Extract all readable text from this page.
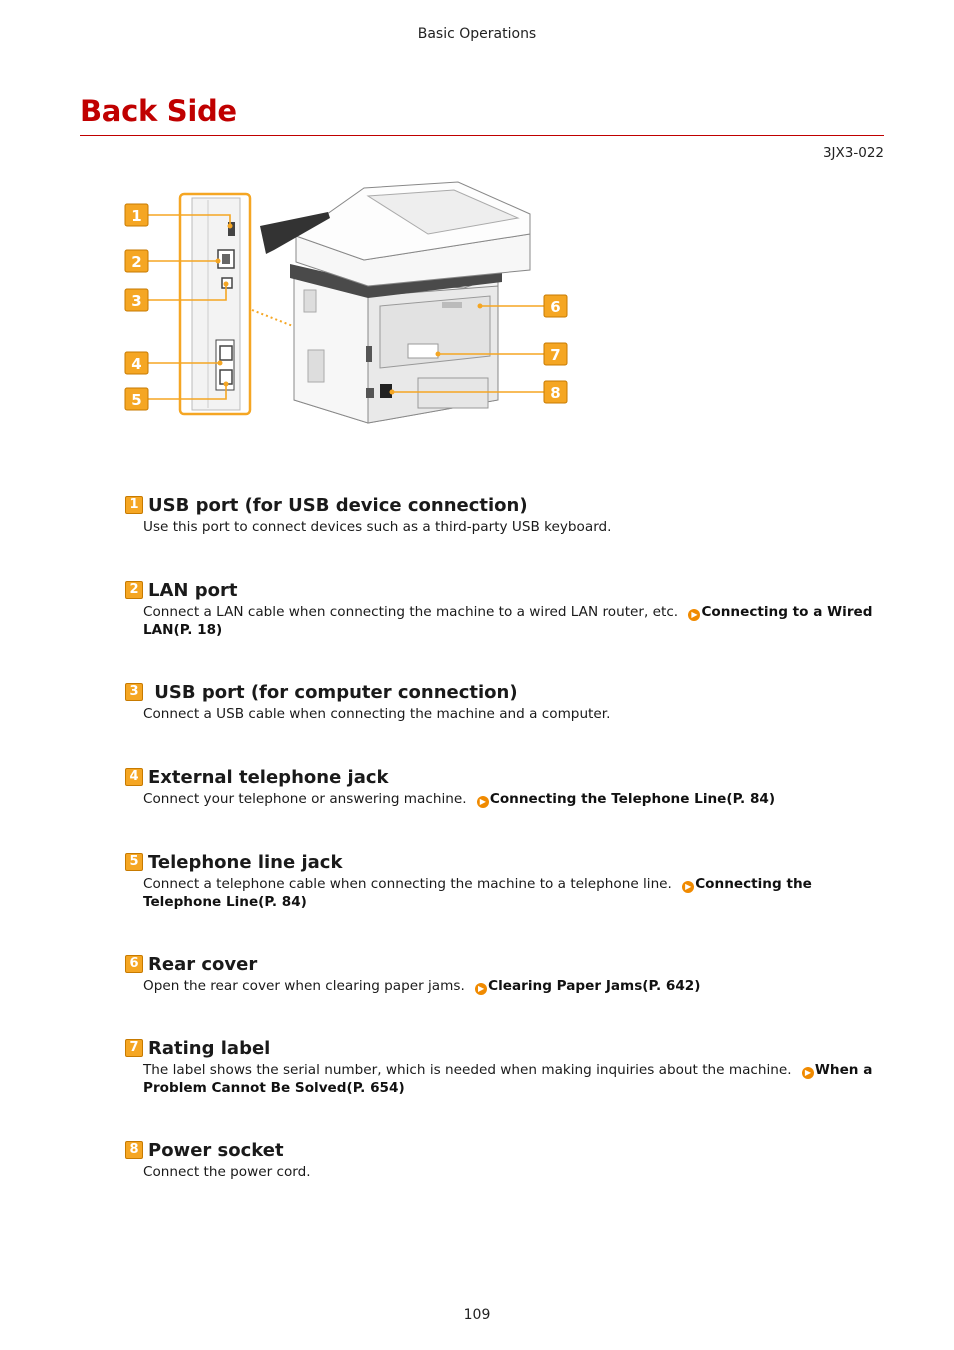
Basic Operations
Back Side
3JX3-022
1
2
3
4
5
6
7
8
1 USB port (for USB device connection)
Use this port to connect devices such as a third-party USB keyboard.
2 LAN port
Connect a LAN cable when connecting the machine to a wired LAN router, etc. ▶ Connecting to a Wired LAN(P. 18)
3 USB port (for computer connection)
Connect a USB cable when connecting the machine and a computer.
4 External telephone jack
Connect your telephone or answering machine. ▶ Connecting the Telephone Line(P. 84)
5 Telephone line jack
Connect a telephone cable when connecting the machine to a telephone line. ▶ Connecting the Telephone Line(P. 84)
6 Rear cover
Open the rear cover when clearing paper jams. ▶ Clearing Paper Jams(P. 642)
7 Rating label
The label shows the serial number, which is needed when making inquiries about the machine. ▶ When a Problem Cannot Be Solved(P. 654)
8 Power socket
Connect the power cord.
109
